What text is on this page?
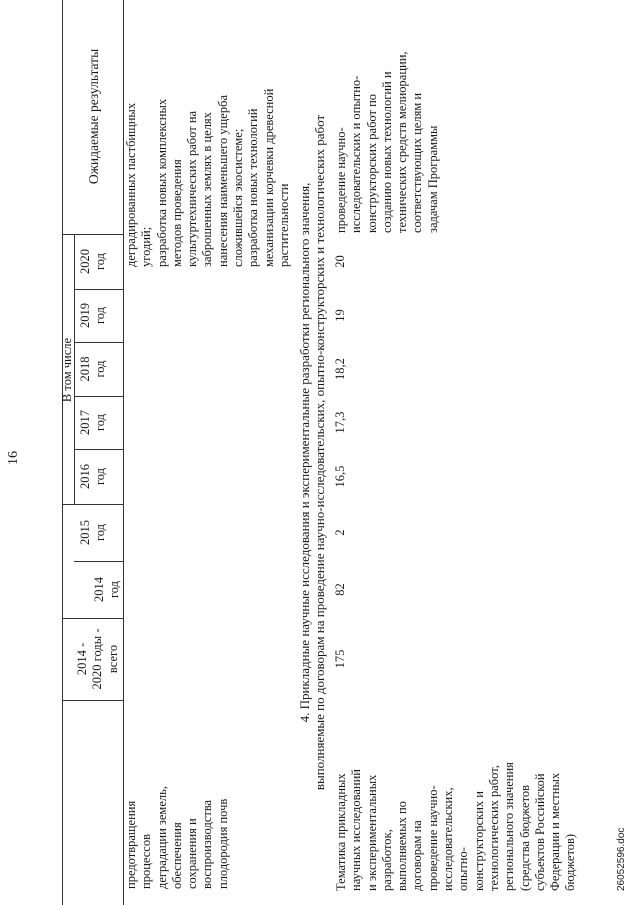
16
2014 -
2020 годы -
всего
В том числе
2014
год
2015
год
2016
год
2017
год
2018
год
2019
год
2020
год
Ожидаемые результаты
предотвращения
процессов
деградации земель,
обеспечения
сохранения и
воспроизводства
плодородия почв
деградированных пастбищных
угодий;
разработка новых комплексных
методов проведения
культуртехнических работ на
заброшенных землях в целях
нанесения наименьшего ущерба
сложившейся экосистеме;
разработка новых технологий
механизации корчевки древесной
растительности 4. Прикладные научные исследования и экспериментальные разработки регионального значения, выполняемые по договорам на проведение научно-исследовательских, опытно-конструкторских и технологических работ
Тематика прикладных
научных исследований
и экспериментальных
разработок,
выполняемых по
договорам на
проведение научно-
исследовательских,
опытно-
конструкторских и
технологических работ,
регионального значения
(средства бюджетов
субъектов Российской
Федерации и местных
бюджетов)
175
82
2
16,5
17,3
18,2
19
20
проведение научно-
исследовательских и опытно-
конструкторских работ по
созданию новых технологий и
технических средств мелиорации,
соответствующих целям и
задачам Программы
26052596.doc
